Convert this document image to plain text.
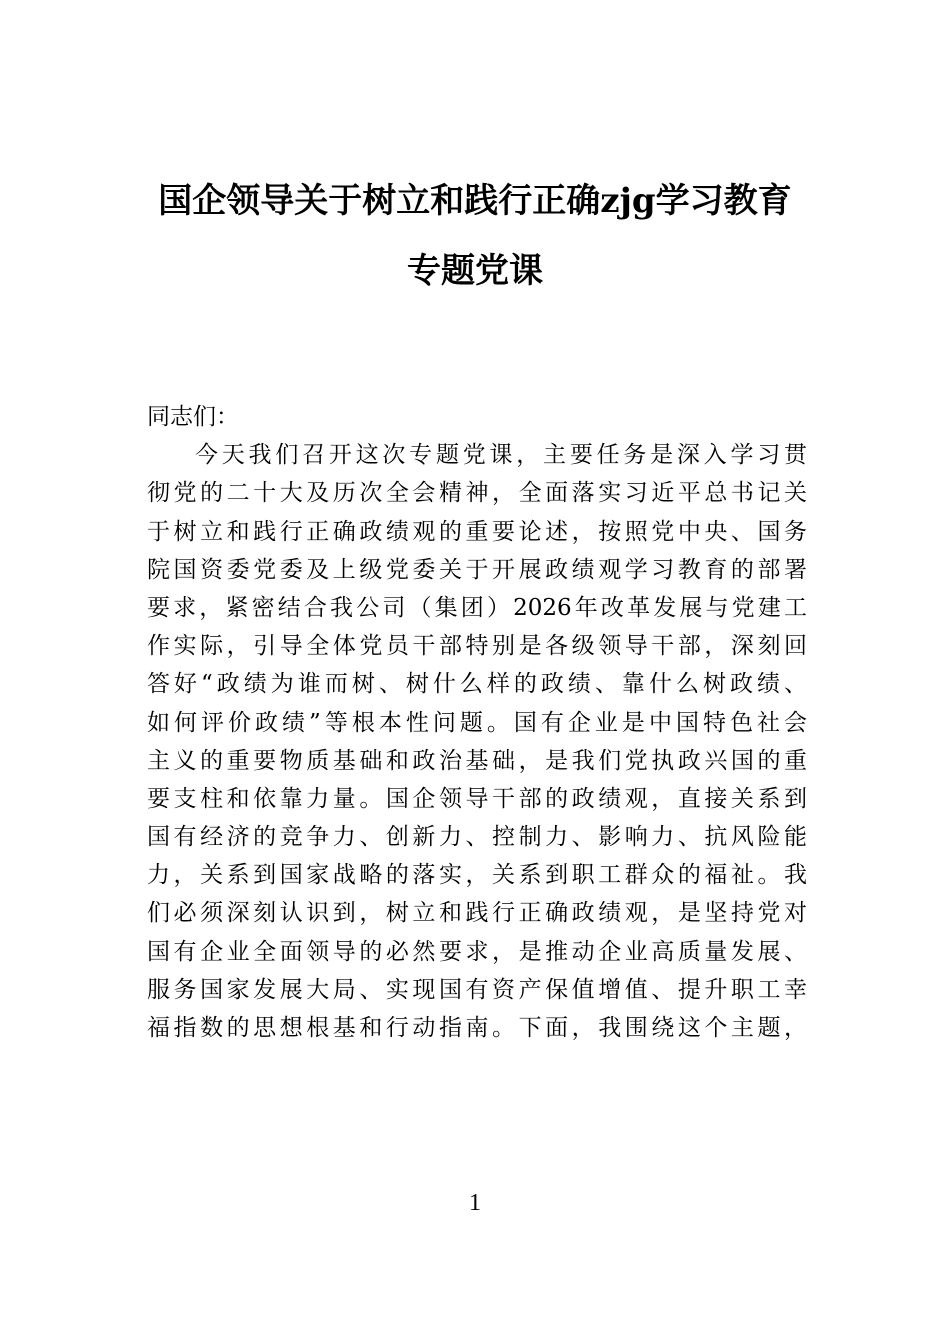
国企领导关于树立和践行正确zjg学习教育
专题党课
同志们：
今天我们召开这次专题党课，主要任务是深入学习贯
彻党的二十大及历次全会精神，全面落实习近平总书记关
于树立和践行正确政绩观的重要论述，按照党中央、国务
院国资委党委及上级党委关于开展政绩观学习教育的部署
要求，紧密结合我公司（集团）2026年改革发展与党建工
作实际，引导全体党员干部特别是各级领导干部，深刻回
答好“政绩为谁而树、树什么样的政绩、靠什么树政绩、
如何评价政绩”等根本性问题。国有企业是中国特色社会
主义的重要物质基础和政治基础，是我们党执政兴国的重
要支柱和依靠力量。国企领导干部的政绩观，直接关系到
国有经济的竞争力、创新力、控制力、影响力、抗风险能
力，关系到国家战略的落实，关系到职工群众的福祉。我
们必须深刻认识到，树立和践行正确政绩观，是坚持党对
国有企业全面领导的必然要求，是推动企业高质量发展、
服务国家发展大局、实现国有资产保值增值、提升职工幸
福指数的思想根基和行动指南。下面，我围绕这个主题，
1
